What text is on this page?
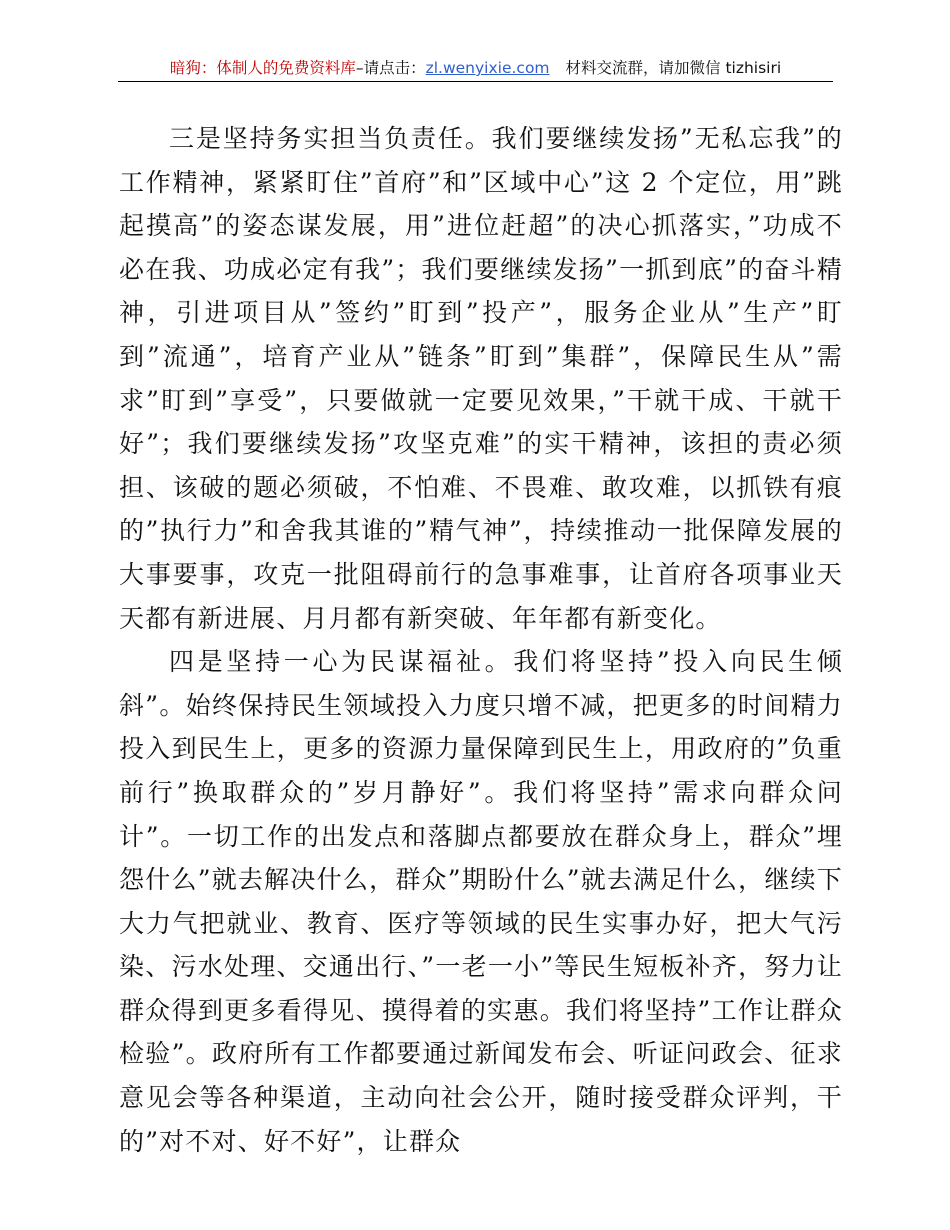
暗狗：体制人的免费资料库–请点击：zl.wenyixie.com 材料交流群，请加微信 tizhisiri

三是坚持务实担当负责任。我们要继续发扬”无私忘我”的工作精神，紧紧盯住”首府”和”区域中心”这 2 个定位，用”跳起摸高”的姿态谋发展，用”进位赶超”的决心抓落实，”功成不必在我、功成必定有我”；我们要继续发扬”一抓到底”的奋斗精神，引进项目从”签约”盯到”投产”，服务企业从”生产”盯到”流通”，培育产业从”链条”盯到”集群”，保障民生从”需求”盯到”享受”，只要做就一定要见效果，”干就干成、干就干好”；我们要继续发扬”攻坚克难”的实干精神，该担的责必须担、该破的题必须破，不怕难、不畏难、敢攻难，以抓铁有痕的”执行力”和舍我其谁的”精气神”，持续推动一批保障发展的大事要事，攻克一批阻碍前行的急事难事，让首府各项事业天天都有新进展、月月都有新突破、年年都有新变化。

四是坚持一心为民谋福祉。我们将坚持”投入向民生倾斜”。始终保持民生领域投入力度只增不减，把更多的时间精力投入到民生上，更多的资源力量保障到民生上，用政府的”负重前行”换取群众的”岁月静好”。我们将坚持”需求向群众问计”。一切工作的出发点和落脚点都要放在群众身上，群众”埋怨什么”就去解决什么，群众”期盼什么”就去满足什么，继续下大力气把就业、教育、医疗等领域的民生实事办好，把大气污染、污水处理、交通出行、”一老一小”等民生短板补齐，努力让群众得到更多看得见、摸得着的实惠。我们将坚持”工作让群众检验”。政府所有工作都要通过新闻发布会、听证问政会、征求意见会等各种渠道，主动向社会公开，随时接受群众评判，干的”对不对、好不好”，让群众
